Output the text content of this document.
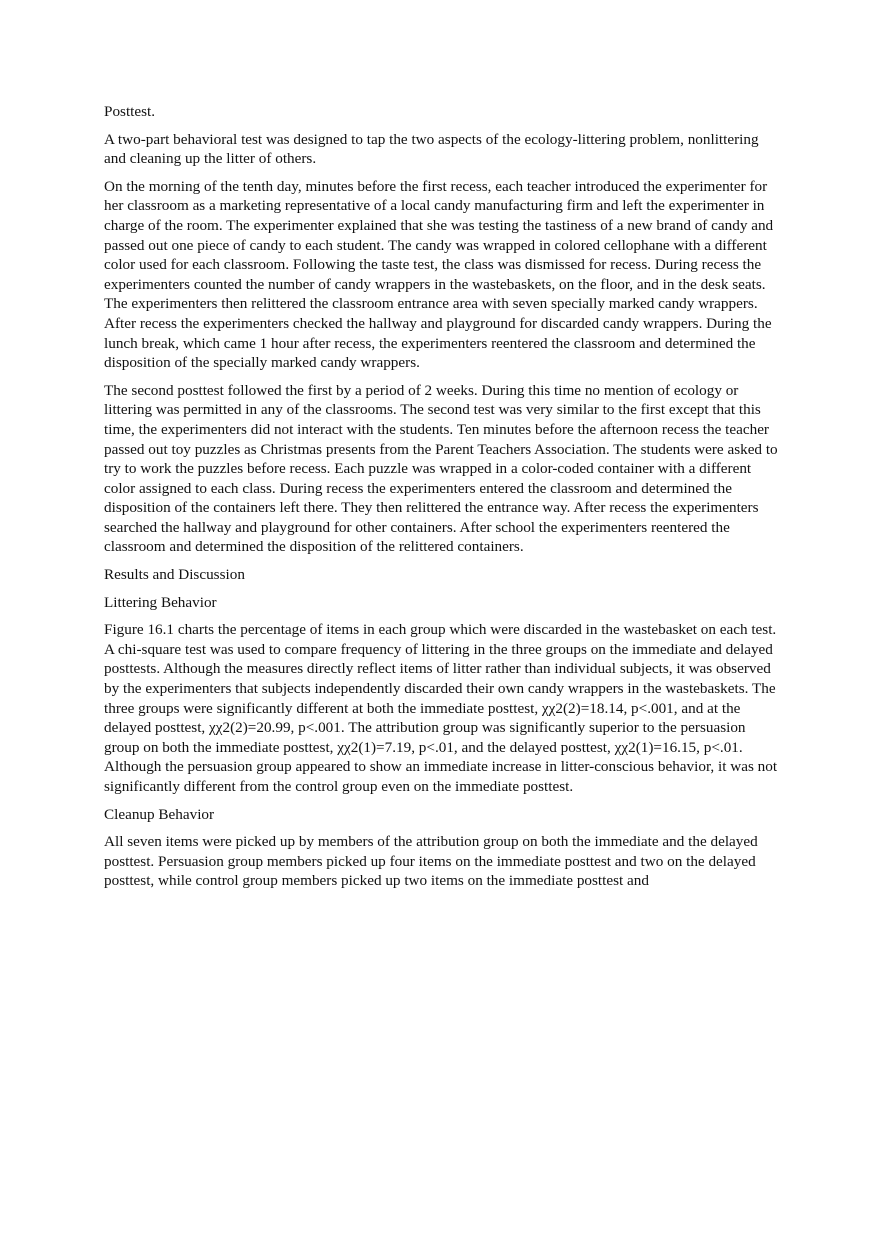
Posttest.

A two-part behavioral test was designed to tap the two aspects of the ecology-littering problem, nonlittering and cleaning up the litter of others.

On the morning of the tenth day, minutes before the first recess, each teacher introduced the experimenter for her classroom as a marketing representative of a local candy manufacturing firm and left the experimenter in charge of the room. The experimenter explained that she was testing the tastiness of a new brand of candy and passed out one piece of candy to each student. The candy was wrapped in colored cellophane with a different color used for each classroom. Following the taste test, the class was dismissed for recess. During recess the experimenters counted the number of candy wrappers in the wastebaskets, on the floor, and in the desk seats. The experimenters then relittered the classroom entrance area with seven specially marked candy wrappers. After recess the experimenters checked the hallway and playground for discarded candy wrappers. During the lunch break, which came 1 hour after recess, the experimenters reentered the classroom and determined the disposition of the specially marked candy wrappers.

The second posttest followed the first by a period of 2 weeks. During this time no mention of ecology or littering was permitted in any of the classrooms. The second test was very similar to the first except that this time, the experimenters did not interact with the students. Ten minutes before the afternoon recess the teacher passed out toy puzzles as Christmas presents from the Parent Teachers Association. The students were asked to try to work the puzzles before recess. Each puzzle was wrapped in a color-coded container with a different color assigned to each class. During recess the experimenters entered the classroom and determined the disposition of the containers left there. They then relittered the entrance way. After recess the experimenters searched the hallway and playground for other containers. After school the experimenters reentered the classroom and determined the disposition of the relittered containers.

Results and Discussion

Littering Behavior

Figure 16.1 charts the percentage of items in each group which were discarded in the wastebasket on each test. A chi-square test was used to compare frequency of littering in the three groups on the immediate and delayed posttests. Although the measures directly reflect items of litter rather than individual subjects, it was observed by the experimenters that subjects independently discarded their own candy wrappers in the wastebaskets. The three groups were significantly different at both the immediate posttest, χχ2(2)=18.14, p<.001, and at the delayed posttest, χχ2(2)=20.99, p<.001. The attribution group was significantly superior to the persuasion group on both the immediate posttest, χχ2(1)=7.19, p<.01, and the delayed posttest, χχ2(1)=16.15, p<.01. Although the persuasion group appeared to show an immediate increase in litter-conscious behavior, it was not significantly different from the control group even on the immediate posttest.

Cleanup Behavior

All seven items were picked up by members of the attribution group on both the immediate and the delayed posttest. Persuasion group members picked up four items on the immediate posttest and two on the delayed posttest, while control group members picked up two items on the immediate posttest and
